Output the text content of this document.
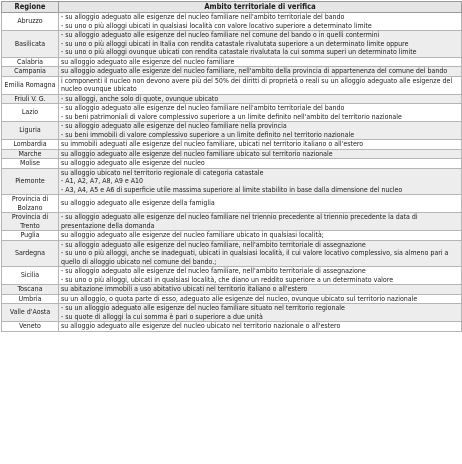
Regione	Ambito territoriale di verifica
Abruzzo	- su alloggio adeguato alle esigenze del nucleo familiare nell'ambito territoriale del bando
- su uno o più alloggi ubicati in qualsiasi località con valore locativo superiore a determinato limite

Basilicata	- su alloggio adeguato alle esigenze del nucleo familiare nel comune del bando o in quelli contermini
- su uno o più alloggi ubicati in Italia con rendita catastale rivalutata superiore a un determinato limite oppure
- su uno o più alloggi ovunque ubicati con rendita catastale rivalutata la cui somma superi un determinato limite

Calabria	su alloggio adeguato alle esigenze del nucleo familiare

Campania	su alloggio adeguato alle esigenze del nucleo familiare, nell'ambito della provincia di appartenenza del comune del bando

Emilia Romagna	i componenti il nucleo non devono avere più del 50% dei diritti di proprietà o reali su un alloggio adeguato alle esigenze del nucleo ovunque ubicato

Friuli V. G.	- su alloggi, anche solo di quote, ovunque ubicato

Lazio	- su alloggio adeguato alle esigenze del nucleo familiare nell'ambito territoriale del bando
- su beni patrimoniali di valore complessivo superiore a un limite definito nell'ambito del territorio nazionale

Liguria	- su alloggio adeguato alle esigenze del nucleo familiare nella provincia
- su beni immobili di valore complessivo superiore a un limite definito nel territorio nazionale

Lombardia	su immobili adeguati alle esigenze del nucleo familiare, ubicati nel territorio italiano o all'estero

Marche	su alloggio adeguato alle esigenze del nucleo familiare ubicato sul territorio nazionale

Molise	su alloggio adeguato alle esigenze del nucleo

Piemonte	su alloggio ubicato nel territorio regionale di categoria catastale
- A1, A2, A7, A8, A9 e A10
- A3, A4, A5 e A6 di superficie utile massima superiore al limite stabilito in base dalla dimensione del nucleo

Provincia di Bolzano	su alloggio adeguato alle esigenze della famiglia

Provincia di Trento	- su alloggio adeguato alle esigenze del nucleo familiare nel triennio precedente al triennio precedente la data di presentazione della domanda

Puglia	su alloggio adeguato alle esigenze del nucleo familiare ubicato in qualsiasi località;

Sardegna	- su alloggio adeguato alle esigenze del nucleo familiare, nell'ambito territoriale di assegnazione
- su uno o più alloggi, anche se inadeguati, ubicati in qualsiasi località, il cui valore locativo complessivo, sia almeno pari a quello di alloggio ubicato nel comune del bando.;

Sicilia	- su alloggio adeguato alle esigenze del nucleo familiare, nell'ambito territoriale di assegnazione
- su uno o più alloggi, ubicati in qualsiasi località, che diano un reddito superiore a un determinato valore

Toscana	su abitazione immobili a uso abitativo ubicati nel territorio italiano o all'estero

Umbria	su un alloggio, o quota parte di esso, adeguato alle esigenze del nucleo, ovunque ubicato sul territorio nazionale

Valle d'Aosta	- su un alloggio adeguato alle esigenze del nucleo familiare situato nel territorio regionale
- su quote di alloggi la cui somma è pari o superiore a due unità

Veneto	su alloggio adeguato alle esigenze del nucleo ubicato nel territorio nazionale o all'estero
